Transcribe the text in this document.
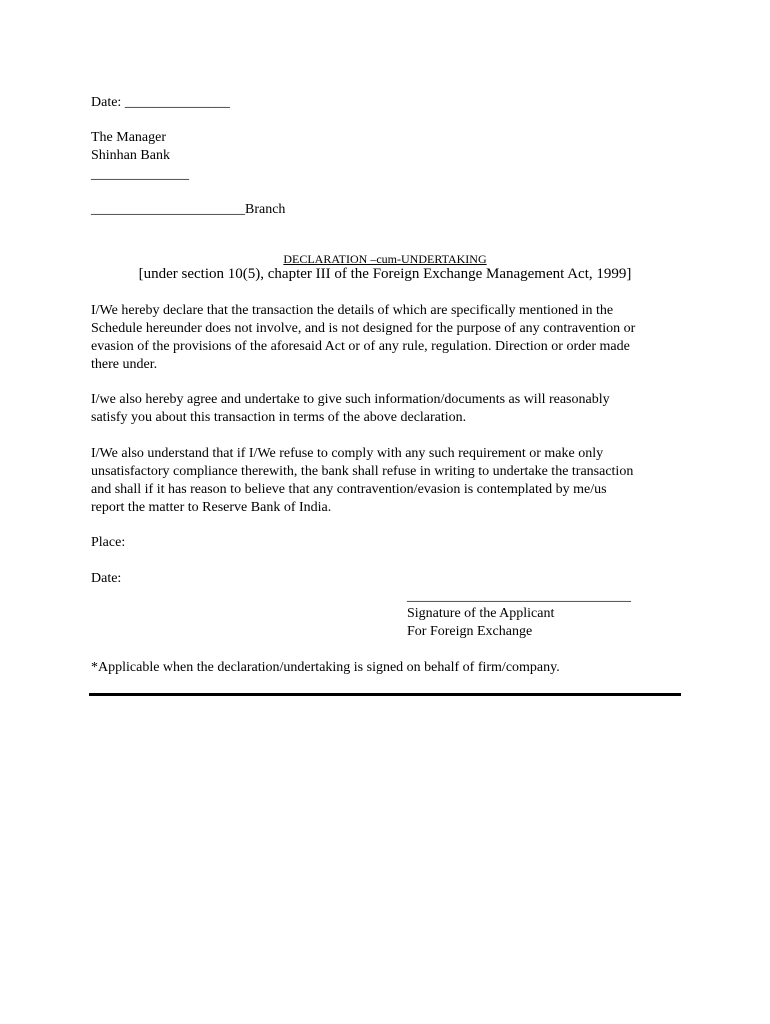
Date: _______________
The Manager
Shinhan Bank
______________
______________________Branch
DECLARATION –cum-UNDERTAKING
[under section 10(5), chapter III of the Foreign Exchange Management Act, 1999]
I/We hereby declare that the transaction the details of which are specifically mentioned in the
Schedule hereunder does not involve, and is not designed for the purpose of any contravention or
evasion of the provisions of the aforesaid Act or of any rule, regulation. Direction or order made
there under.
I/we also hereby agree and undertake to give such information/documents as will reasonably
satisfy you about this transaction in terms of the above declaration.
I/We also understand that if I/We refuse to comply with any such requirement or make only
unsatisfactory compliance therewith, the bank shall refuse in writing to undertake the transaction
and shall if it has reason to believe that any contravention/evasion is contemplated by me/us
report the matter to Reserve Bank of India.
Place:
Date:
________________________________
Signature of the Applicant
For Foreign Exchange
*Applicable when the declaration/undertaking is signed on behalf of firm/company.
